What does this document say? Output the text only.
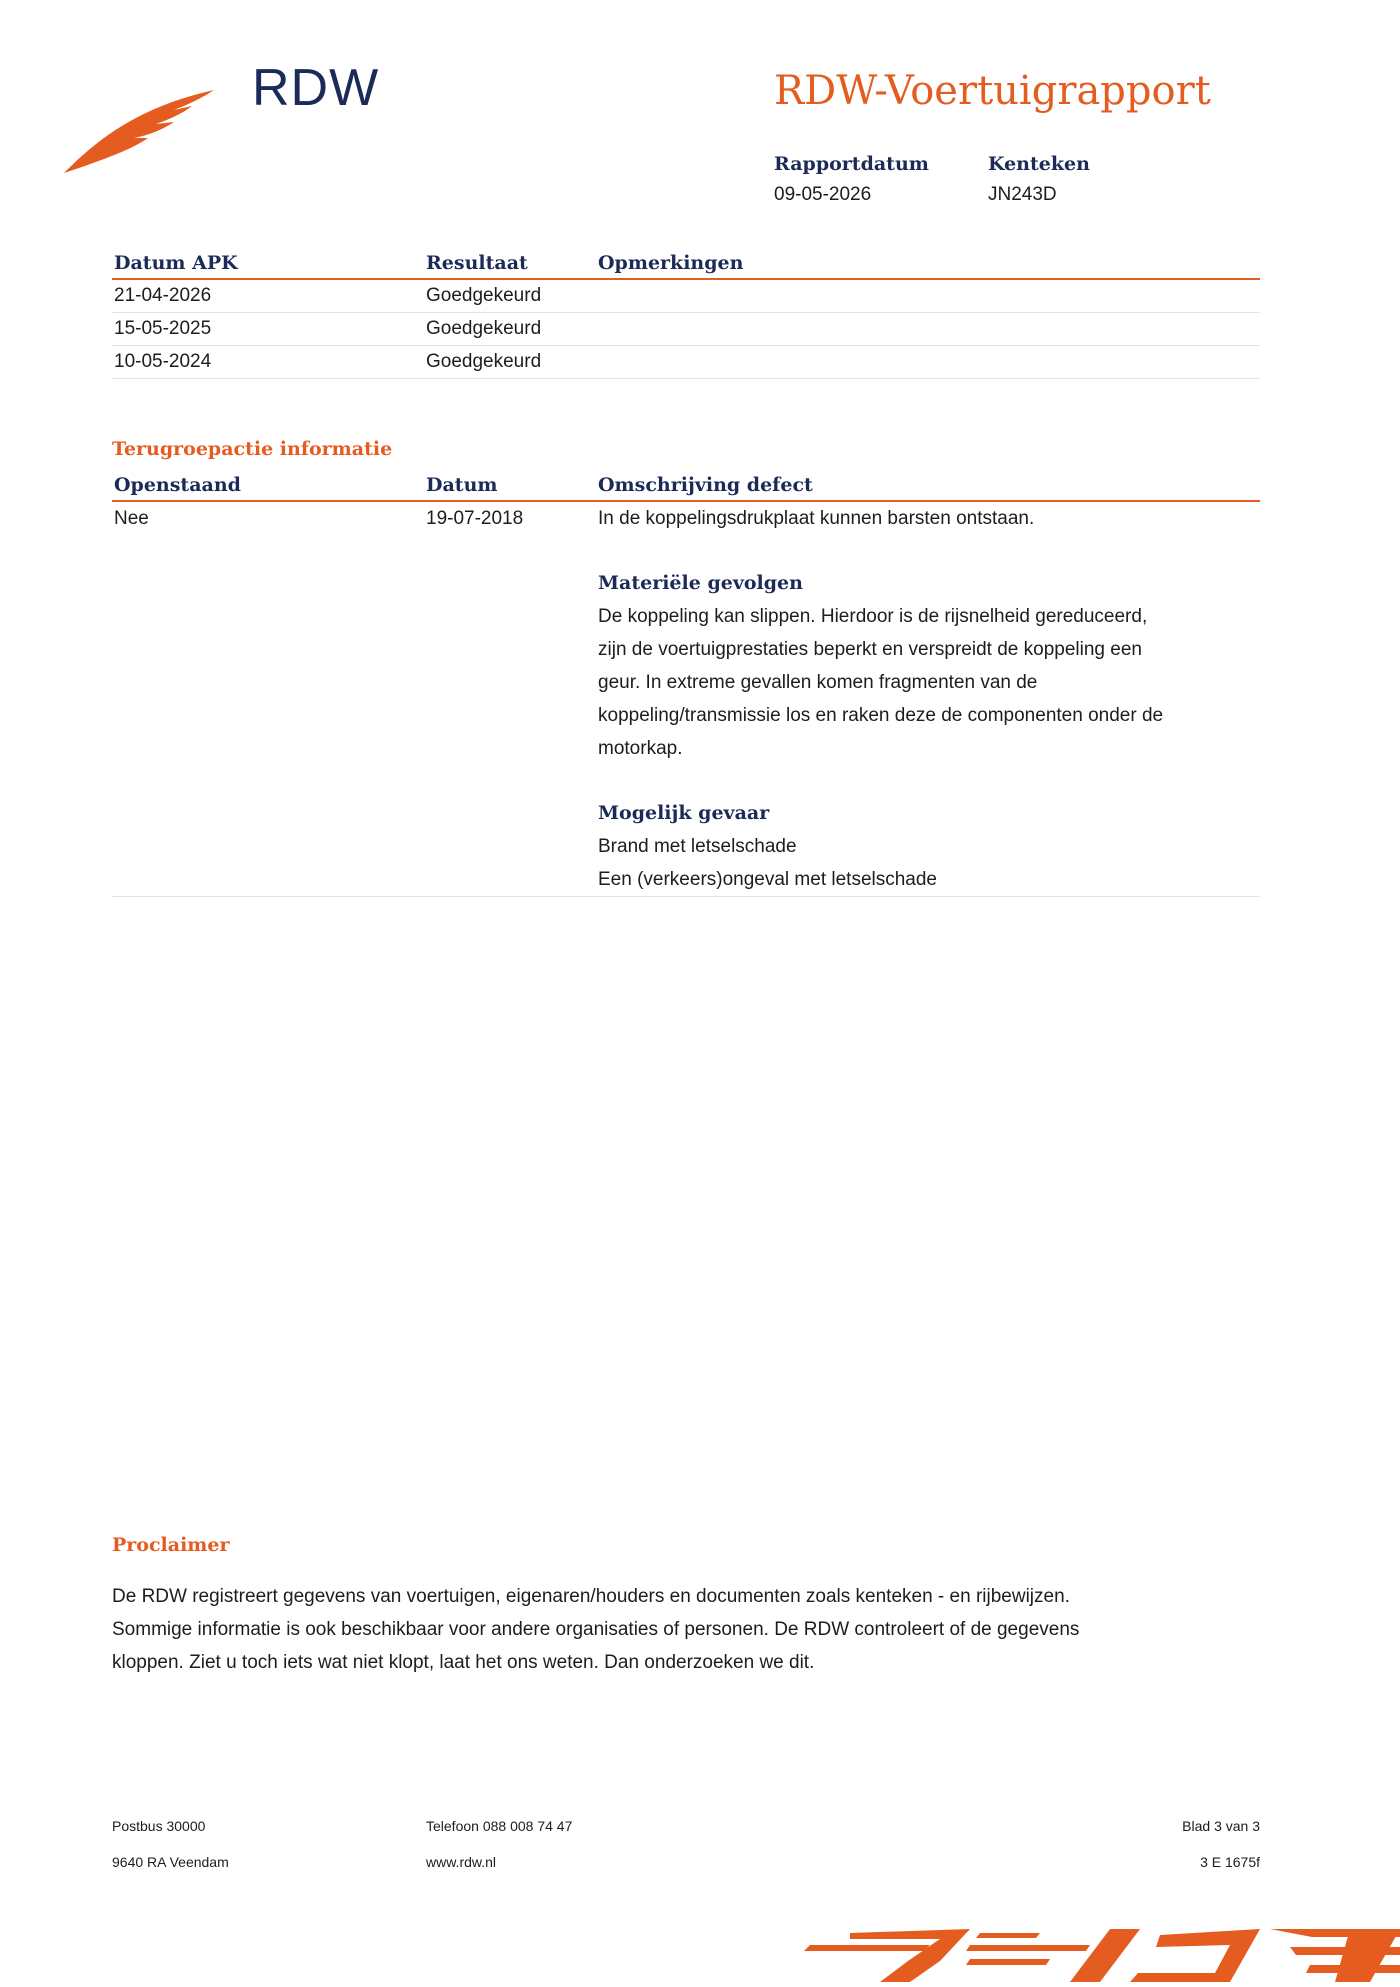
RDW	RDW-Voertuigrapport
Rapportdatum
09-05-2026
Kenteken
JN243D
Datum APK	Resultaat	Opmerkingen
21-04-2026	Goedgekeurd
15-05-2025	Goedgekeurd
10-05-2024	Goedgekeurd
Terugroepactie informatie
Openstaand	Datum	Omschrijving defect
Nee	19-07-2018	In de koppelingsdrukplaat kunnen barsten ontstaan.
Materiële gevolgen
De koppeling kan slippen. Hierdoor is de rijsnelheid gereduceerd,
zijn de voertuigprestaties beperkt en verspreidt de koppeling een
geur. In extreme gevallen komen fragmenten van de
koppeling/transmissie los en raken deze de componenten onder de
motorkap.
Mogelijk gevaar
Brand met letselschade
Een (verkeers)ongeval met letselschade
Proclaimer
De RDW registreert gegevens van voertuigen, eigenaren/houders en documenten zoals kenteken - en rijbewijzen.
Sommige informatie is ook beschikbaar voor andere organisaties of personen. De RDW controleert of de gegevens
kloppen. Ziet u toch iets wat niet klopt, laat het ons weten. Dan onderzoeken we dit.
Postbus 30000
9640 RA Veendam
Telefoon 088 008 74 47
www.rdw.nl
Blad 3 van 3
3 E 1675f
